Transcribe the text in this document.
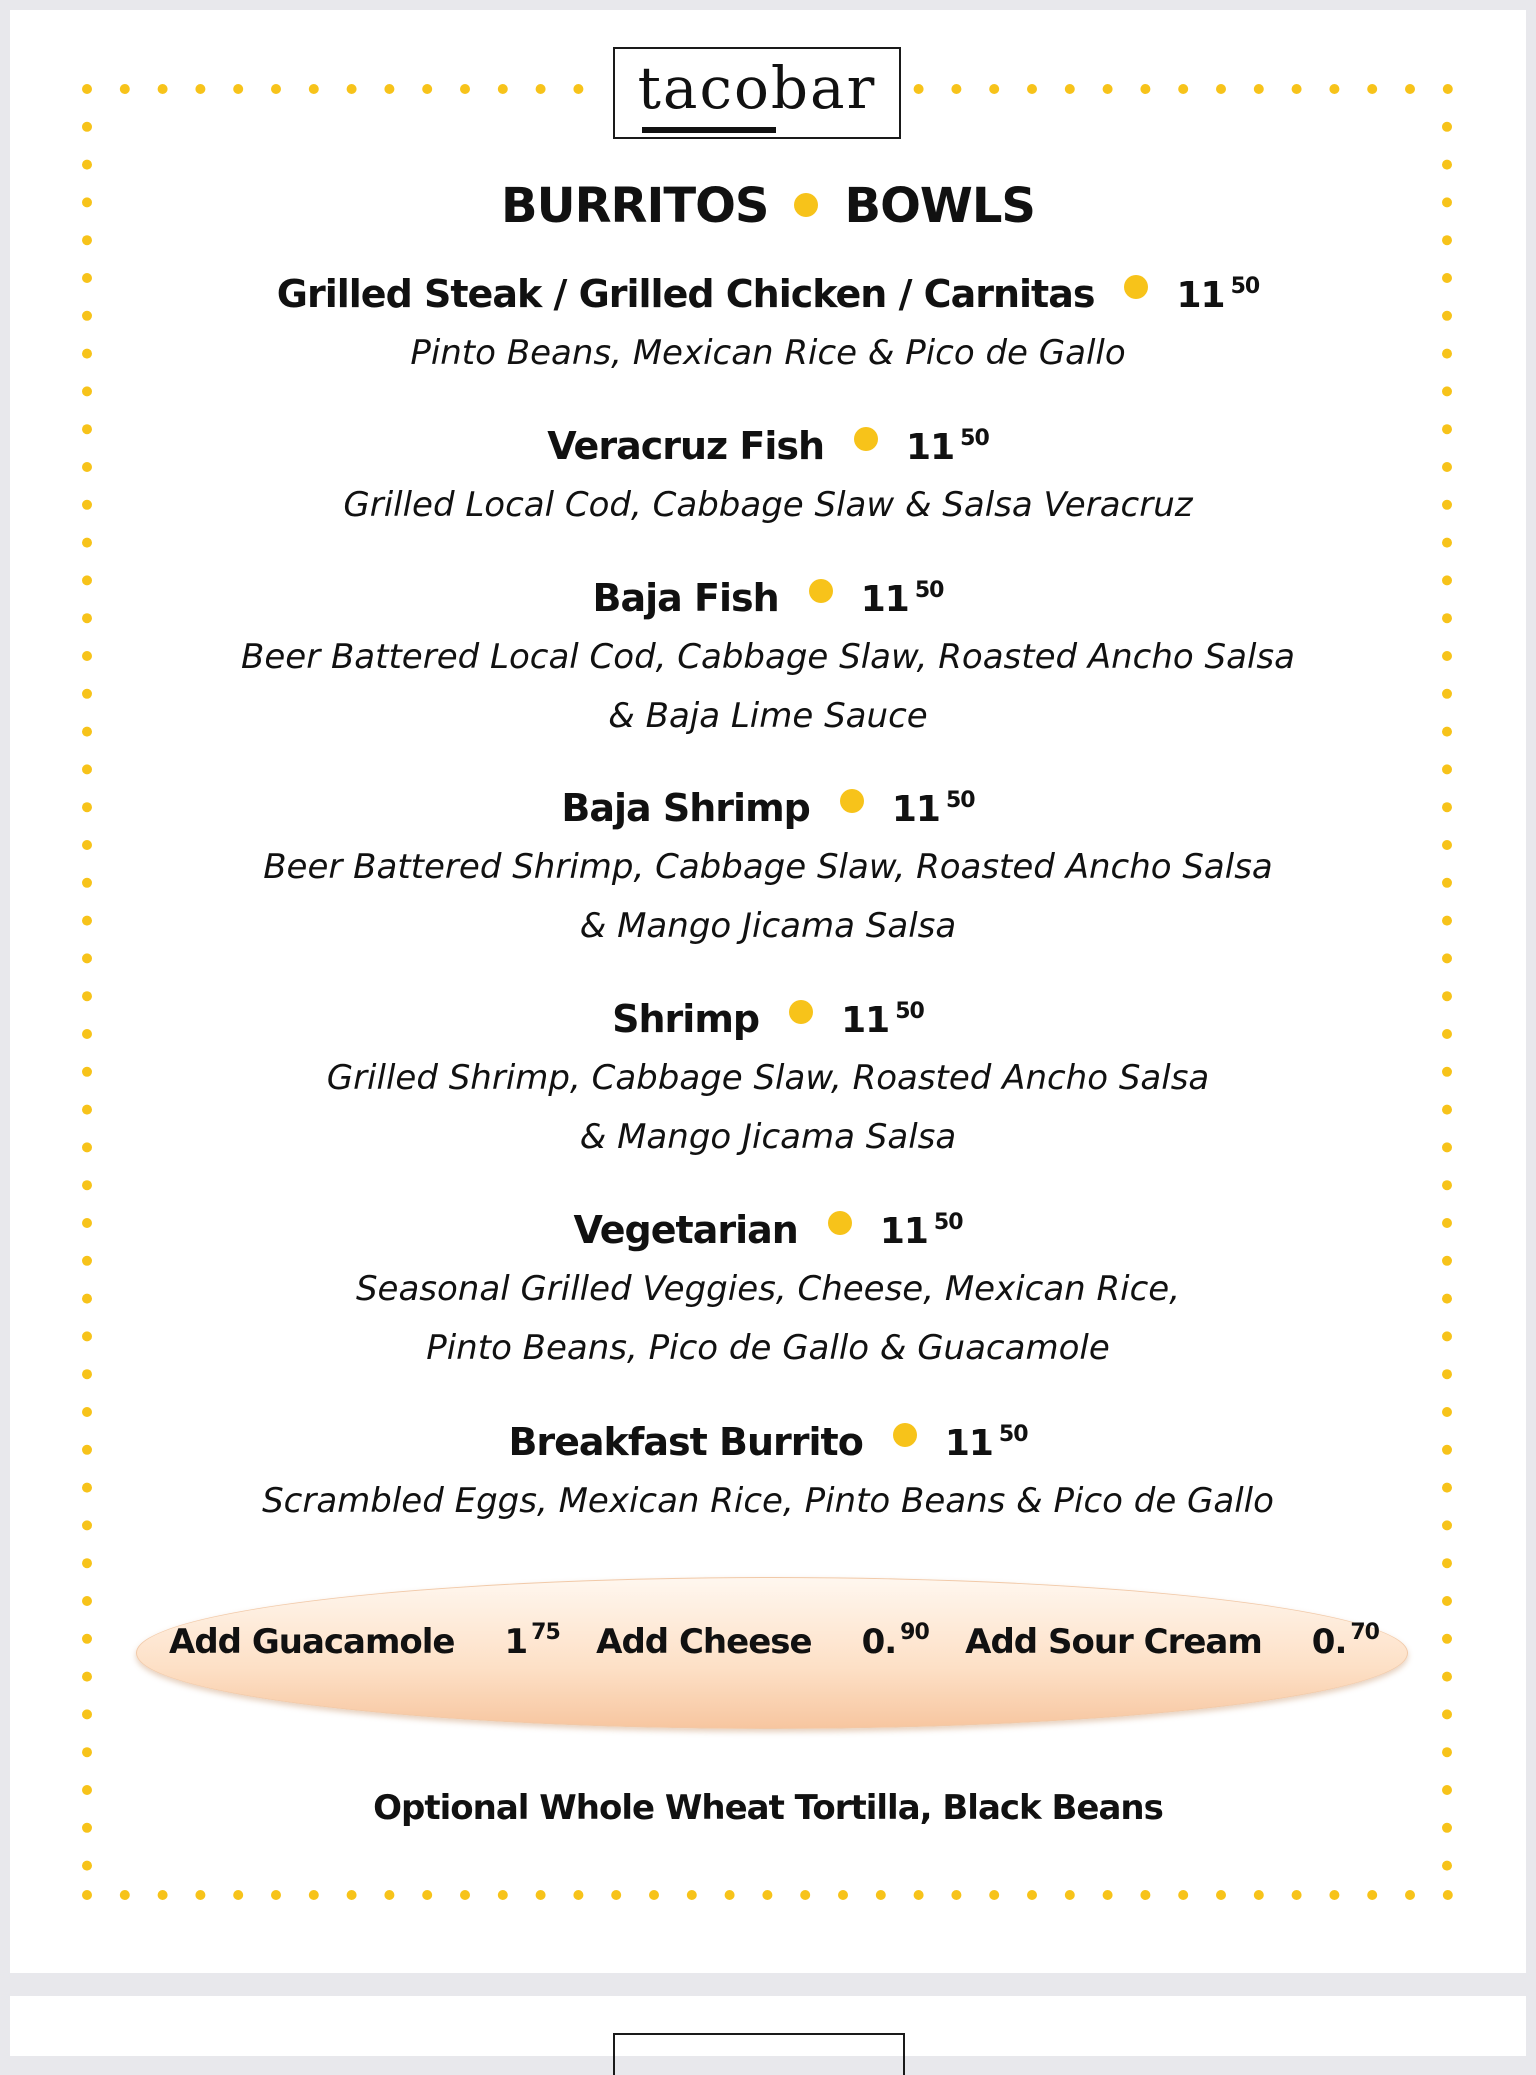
tacobar
BURRITOS BOWLS
Grilled Steak / Grilled Chicken / Carnitas 11 $^{50}$
Pinto Beans, Mexican Rice & Pico de Gallo
Veracruz Fish 11 $^{50}$
Grilled Local Cod, Cabbage Slaw & Salsa Veracruz
Baja Fish 11 $^{50}$
Beer Battered Local Cod, Cabbage Slaw, Roasted Ancho Salsa
& Baja Lime Sauce
Baja Shrimp 11 $^{50}$
Beer Battered Shrimp, Cabbage Slaw, Roasted Ancho Salsa
& Mango Jicama Salsa
Shrimp 11 $^{50}$
Grilled Shrimp, Cabbage Slaw, Roasted Ancho Salsa
& Mango Jicama Salsa
Vegetarian 11 $^{50}$
Seasonal Grilled Veggies, Cheese, Mexican Rice,
Pinto Beans, Pico de Gallo & Guacamole
Breakfast Burrito 11 $^{50}$
Scrambled Eggs, Mexican Rice, Pinto Beans & Pico de Gallo
Add Guacamole 1 $^{75}$ Add Cheese 0. $^{90}$ Add Sour Cream 0. $^{70}$
Optional Whole Wheat Tortilla, Black Beans
